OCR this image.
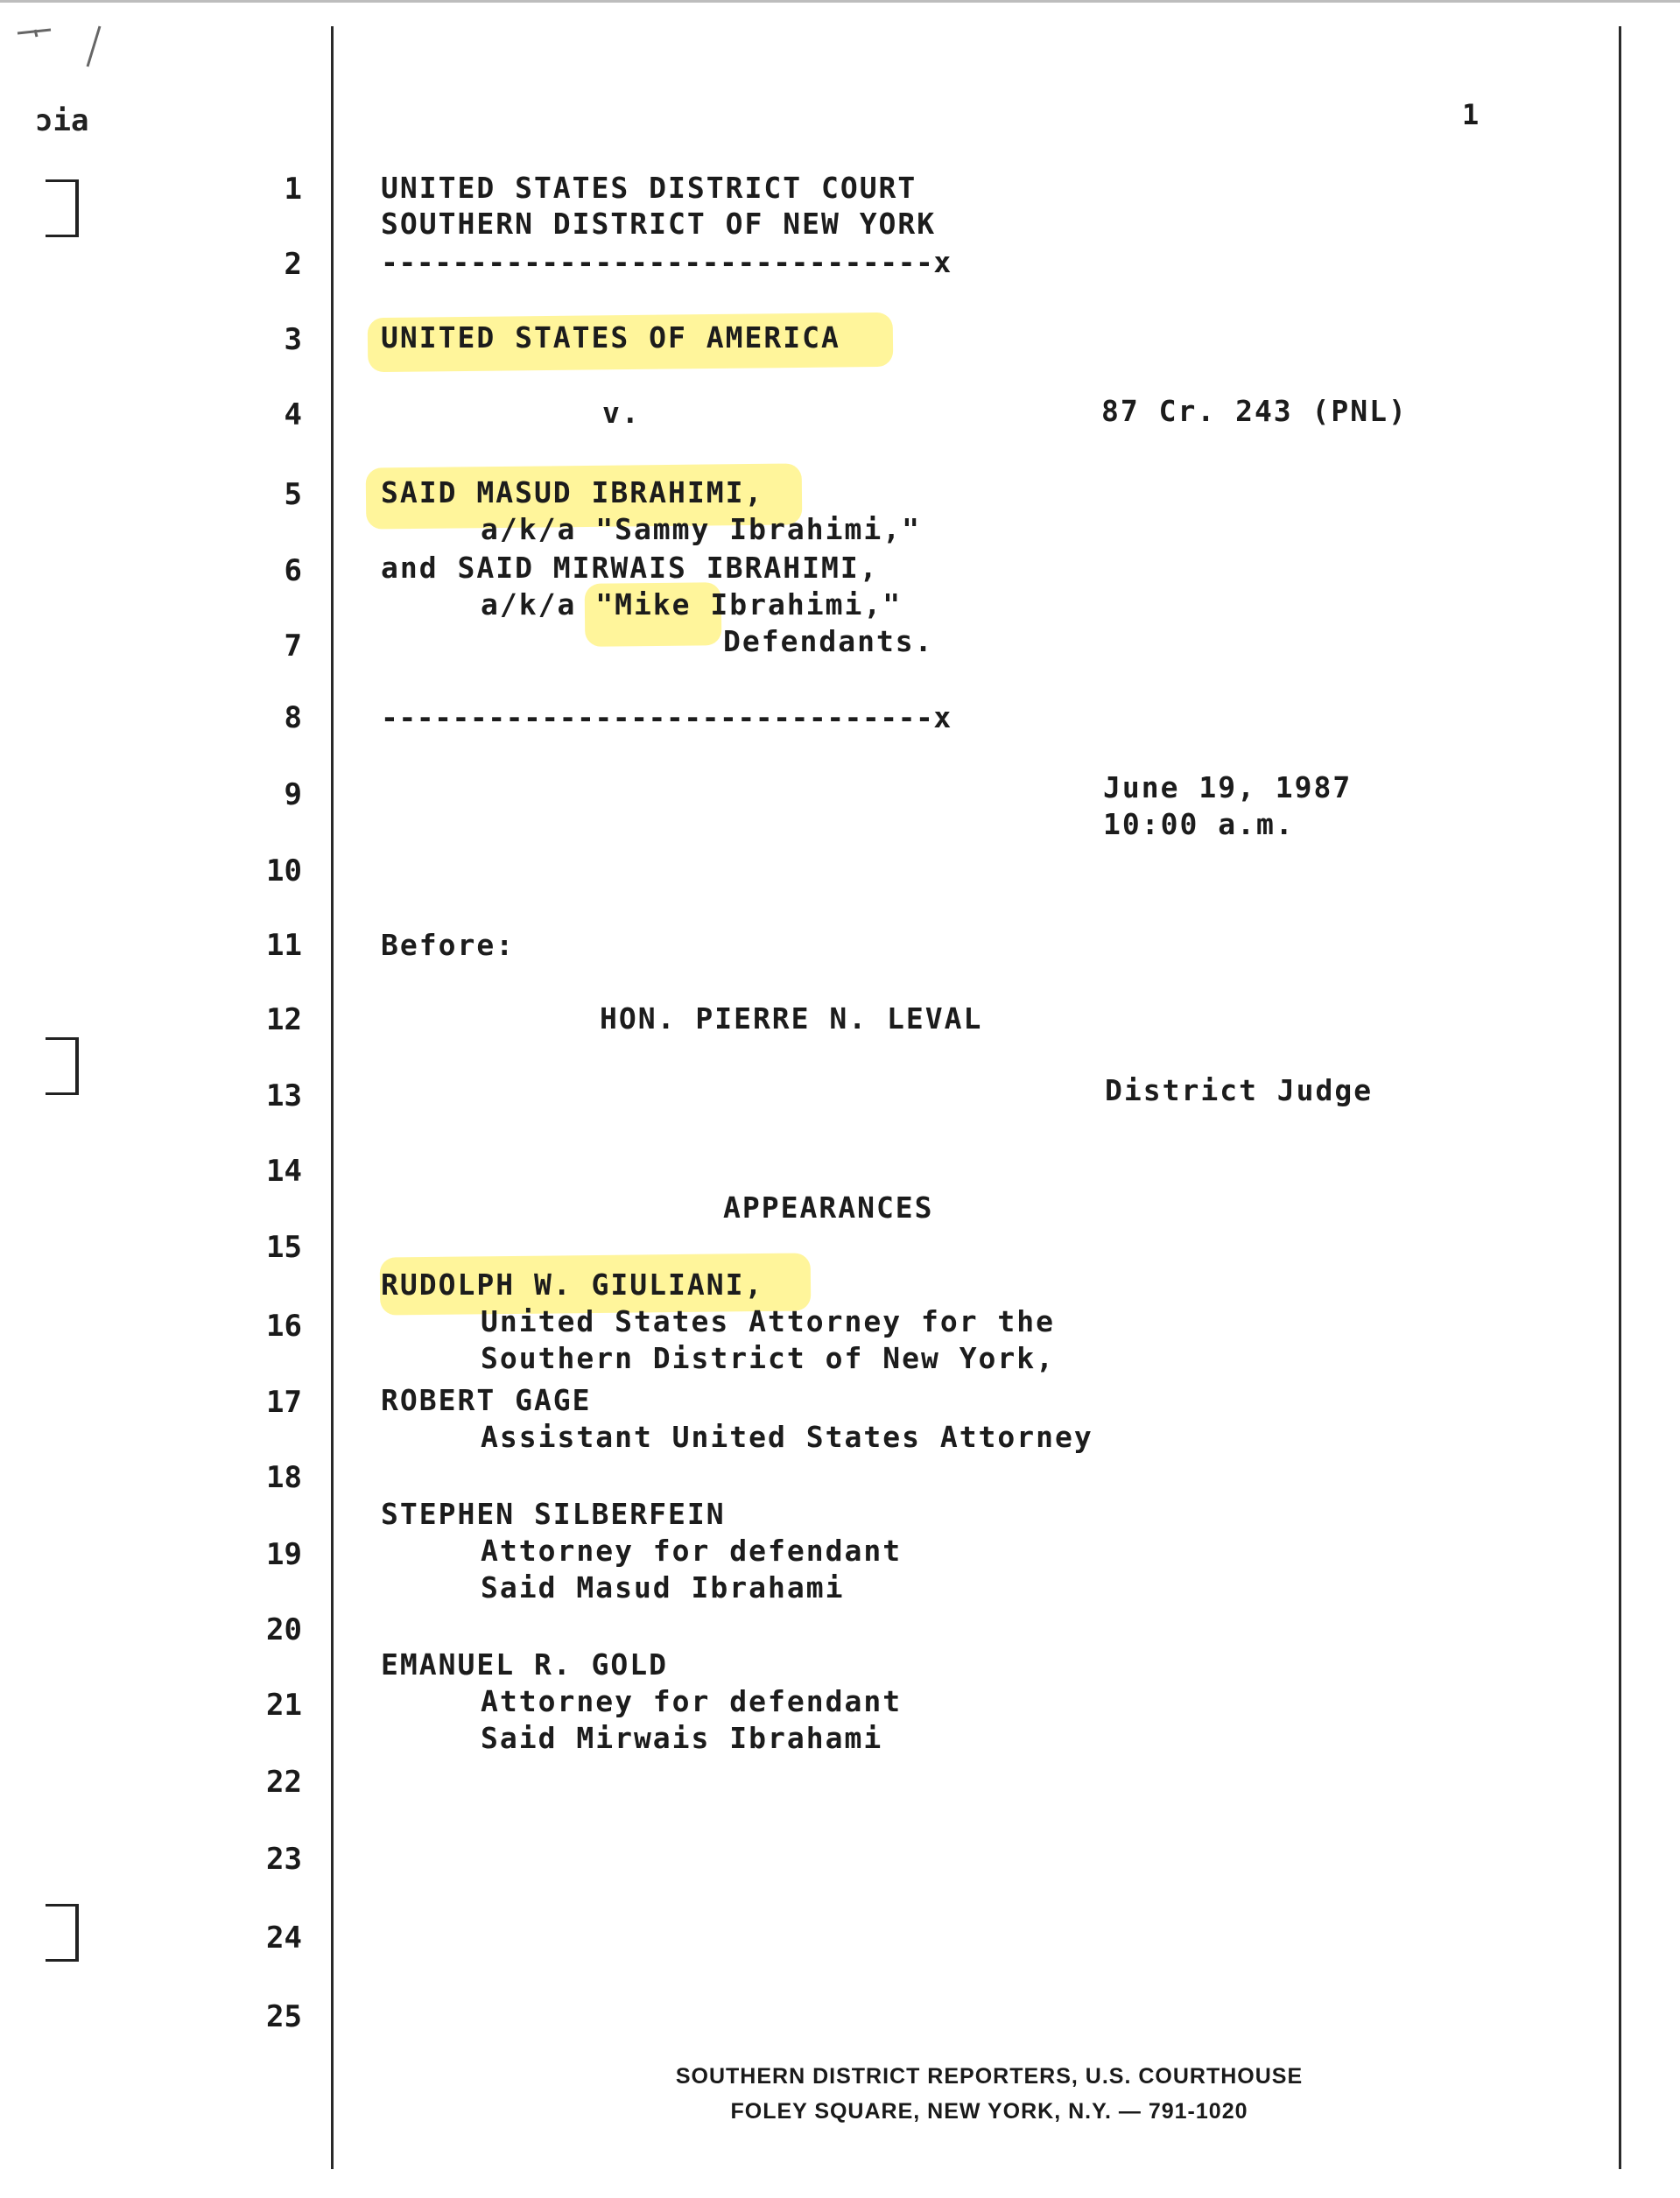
ɔia	1
1
2
3
4
5
6
7
8
9
10
11
12
13
14
15
16
17
18
19
20
21
22
23
24
25
UNITED STATES DISTRICT COURT
SOUTHERN DISTRICT OF NEW YORK
-------------------------------x
UNITED STATES OF AMERICA
v.	87 Cr. 243 (PNL)
SAID MASUD IBRAHIMI,
a/k/a "Sammy Ibrahimi,"
and SAID MIRWAIS IBRAHIMI,
a/k/a "Mike Ibrahimi,"
Defendants.
-------------------------------x
June 19, 1987
10:00 a.m.
Before:
HON. PIERRE N. LEVAL
District Judge
APPEARANCES
RUDOLPH W. GIULIANI,
United States Attorney for the
Southern District of New York,
ROBERT GAGE
Assistant United States Attorney
STEPHEN SILBERFEIN
Attorney for defendant
Said Masud Ibrahami
EMANUEL R. GOLD
Attorney for defendant
Said Mirwais Ibrahami
SOUTHERN DISTRICT REPORTERS, U.S. COURTHOUSE
FOLEY SQUARE, NEW YORK, N.Y. — 791-1020
